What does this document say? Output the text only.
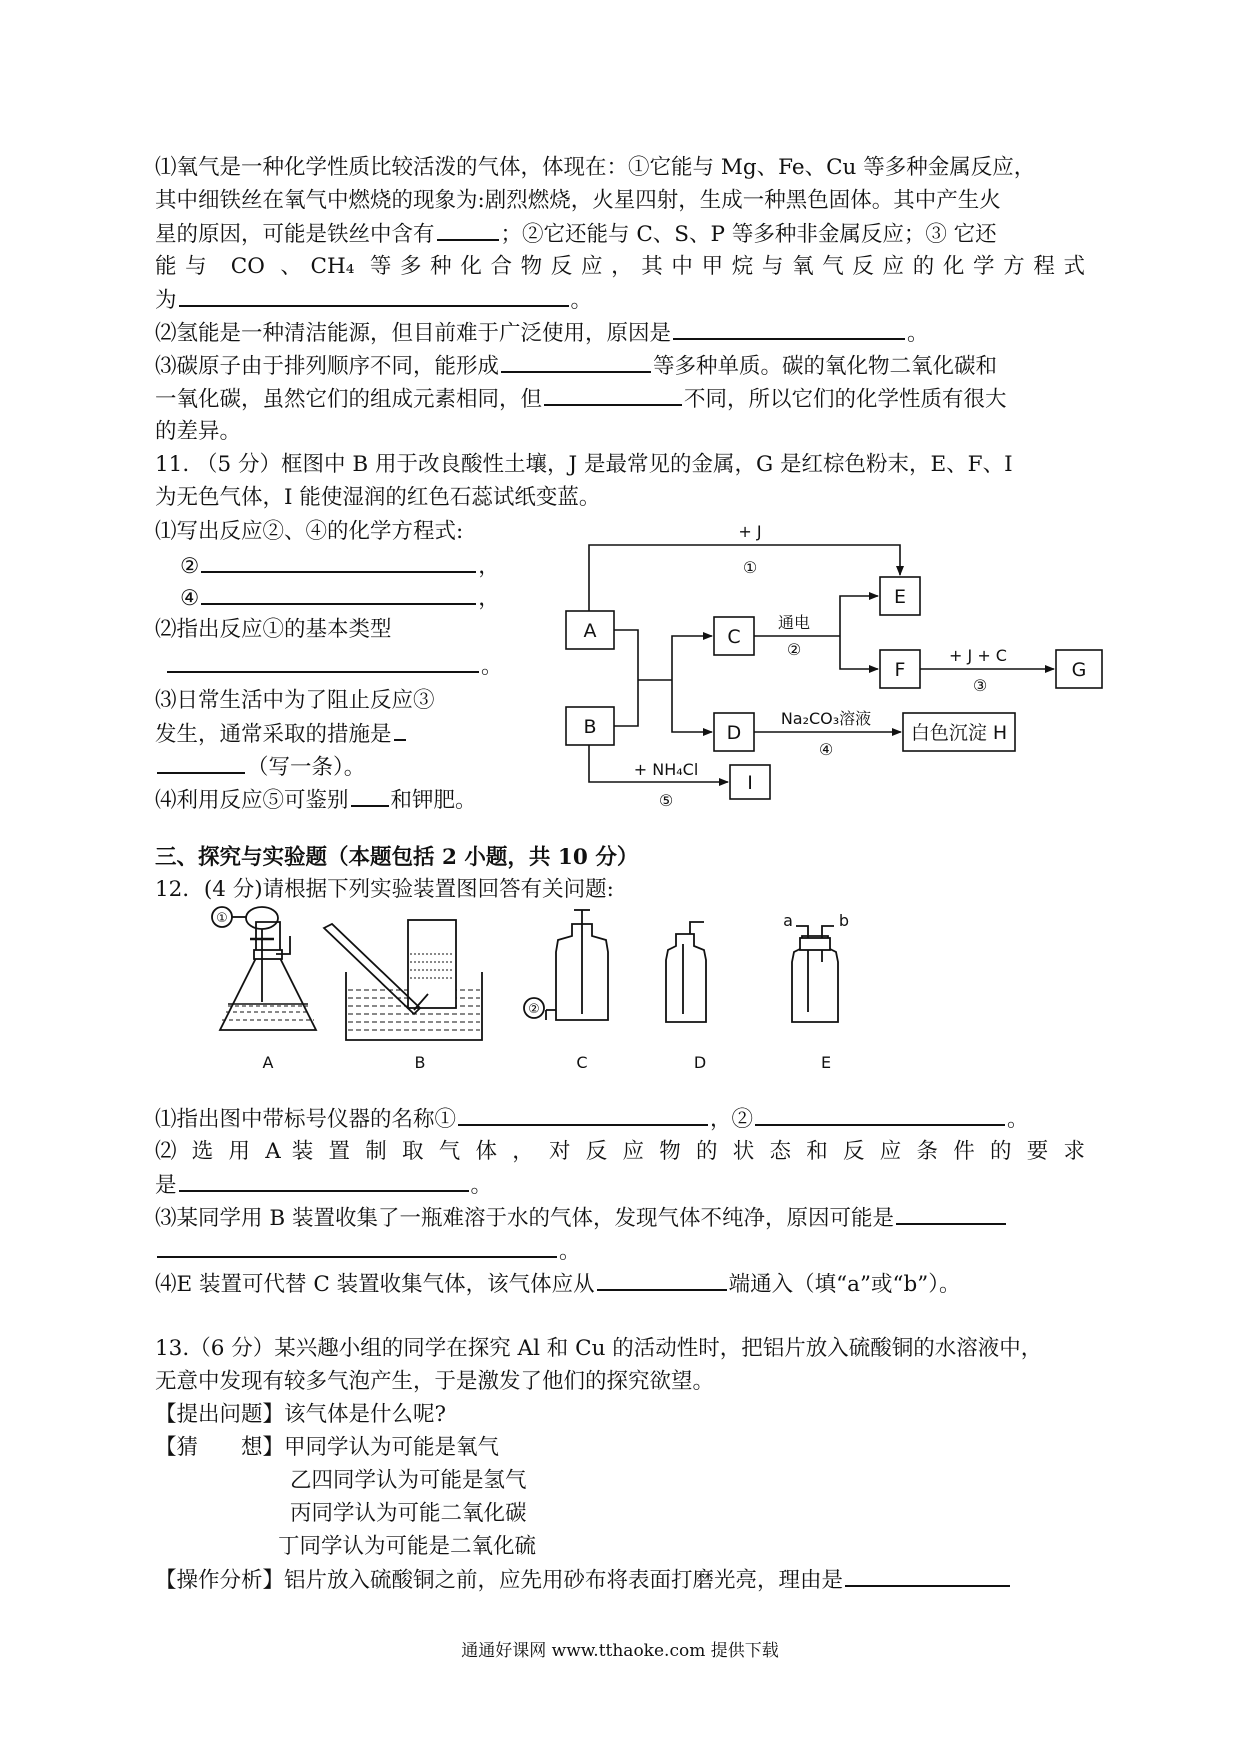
⑴氧气是一种化学性质比较活泼的气体，体现在：①它能与 Mg、Fe、Cu 等多种金属反应，
其中细铁丝在氧气中燃烧的现象为:剧烈燃烧，火星四射，生成一种黑色固体。其中产生火
星的原因，可能是铁丝中含有	；②它还能与 C、S、P 等多种非金属反应；③ 它还
能与 CO 、CH₄ 等多种化合物反应，其中甲烷与氧气反应的化学方程式
为	。
⑵氢能是一种清洁能源，但目前难于广泛使用，原因是	。
⑶碳原子由于排列顺序不同，能形成	等多种单质。碳的氧化物二氧化碳和
一氧化碳，虽然它们的组成元素相同，但	不同，所以它们的化学性质有很大
的差异。
11. （5 分）框图中 B 用于改良酸性土壤，J 是最常见的金属，G 是红棕色粉末，E、F、I
为无色气体，I 能使湿润的红色石蕊试纸变蓝。
⑴写出反应②、④的化学方程式:
②	，
④	，
⑵指出反应①的基本类型
。
⑶日常生活中为了阻止反应③
发生，通常采取的措施是
（写一条）。
⑷利用反应⑤可鉴别 和钾肥。
A
B
C
D
E
F	G
白色沉淀 H
I
+ J
①
通电
②	+ J + C
③
Na₂CO₃溶液
④
+ NH₄Cl
⑤
三、探究与实验题（本题包括 2 小题，共 10 分）
12．(4 分)请根据下列实验装置图回答有关问题:
A	B	C	D	E
①
②
a	b
⑴指出图中带标号仪器的名称①	，②	。
⑵ 选 用 A 装 置 制 取 气 体 ， 对 反 应 物 的 状 态 和 反 应 条 件 的 要 求
是	。
⑶某同学用 B 装置收集了一瓶难溶于水的气体，发现气体不纯净，原因可能是
。
⑷E 装置可代替 C 装置收集气体，该气体应从	端通入（填“a”或“b”）。
13.（6 分）某兴趣小组的同学在探究 Al 和 Cu 的活动性时，把铝片放入硫酸铜的水溶液中，
无意中发现有较多气泡产生，于是激发了他们的探究欲望。
【提出问题】该气体是什么呢?
【猜　　想】甲同学认为可能是氧气
乙四同学认为可能是氢气
丙同学认为可能二氧化碳
丁同学认为可能是二氧化硫
【操作分析】铝片放入硫酸铜之前，应先用砂布将表面打磨光亮，理由是
通通好课网 www.tthaoke.com 提供下载
